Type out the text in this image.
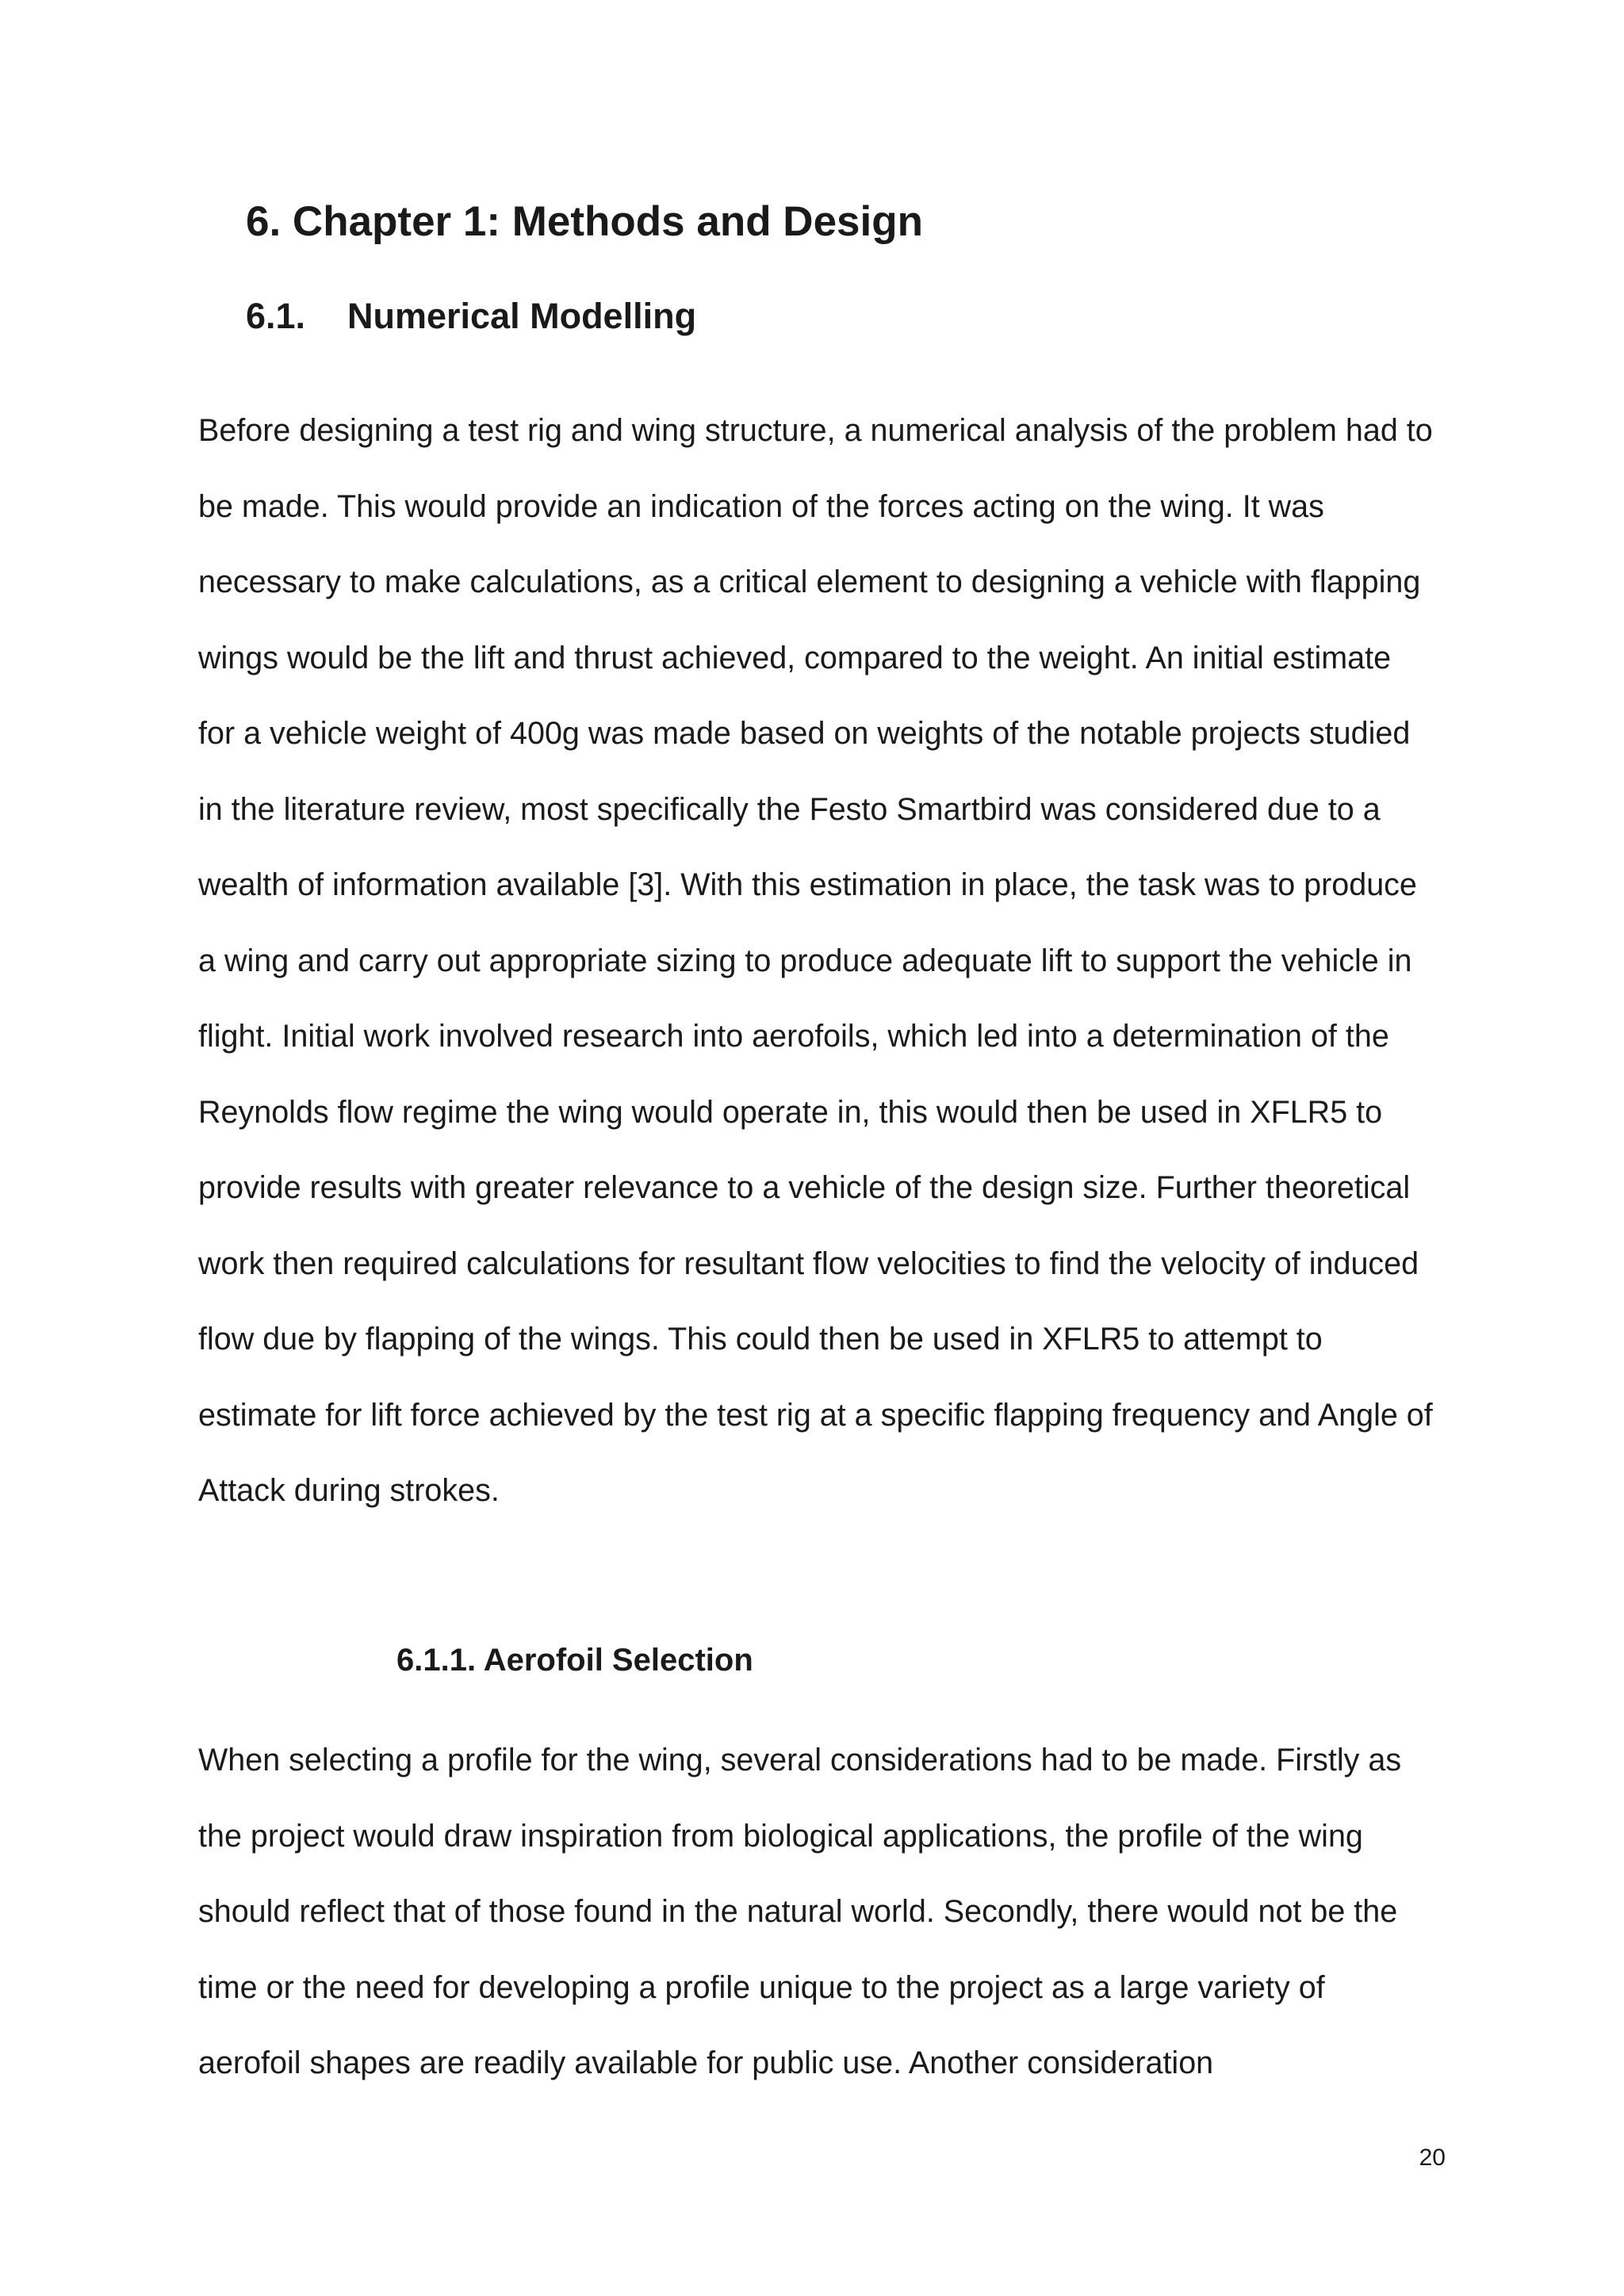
6. Chapter 1: Methods and Design
6.1. Numerical Modelling

Before designing a test rig and wing structure, a numerical analysis of the problem had to be made. This would provide an indication of the forces acting on the wing. It was necessary to make calculations, as a critical element to designing a vehicle with flapping wings would be the lift and thrust achieved, compared to the weight. An initial estimate for a vehicle weight of 400g was made based on weights of the notable projects studied in the literature review, most specifically the Festo Smartbird was considered due to a wealth of information available [3]. With this estimation in place, the task was to produce a wing and carry out appropriate sizing to produce adequate lift to support the vehicle in flight. Initial work involved research into aerofoils, which led into a determination of the Reynolds flow regime the wing would operate in, this would then be used in XFLR5 to provide results with greater relevance to a vehicle of the design size. Further theoretical work then required calculations for resultant flow velocities to find the velocity of induced flow due by flapping of the wings. This could then be used in XFLR5 to attempt to estimate for lift force achieved by the test rig at a specific flapping frequency and Angle of Attack during strokes.

6.1.1. Aerofoil Selection

When selecting a profile for the wing, several considerations had to be made. Firstly as the project would draw inspiration from biological applications, the profile of the wing should reflect that of those found in the natural world. Secondly, there would not be the time or the need for developing a profile unique to the project as a large variety of aerofoil shapes are readily available for public use. Another consideration

20
